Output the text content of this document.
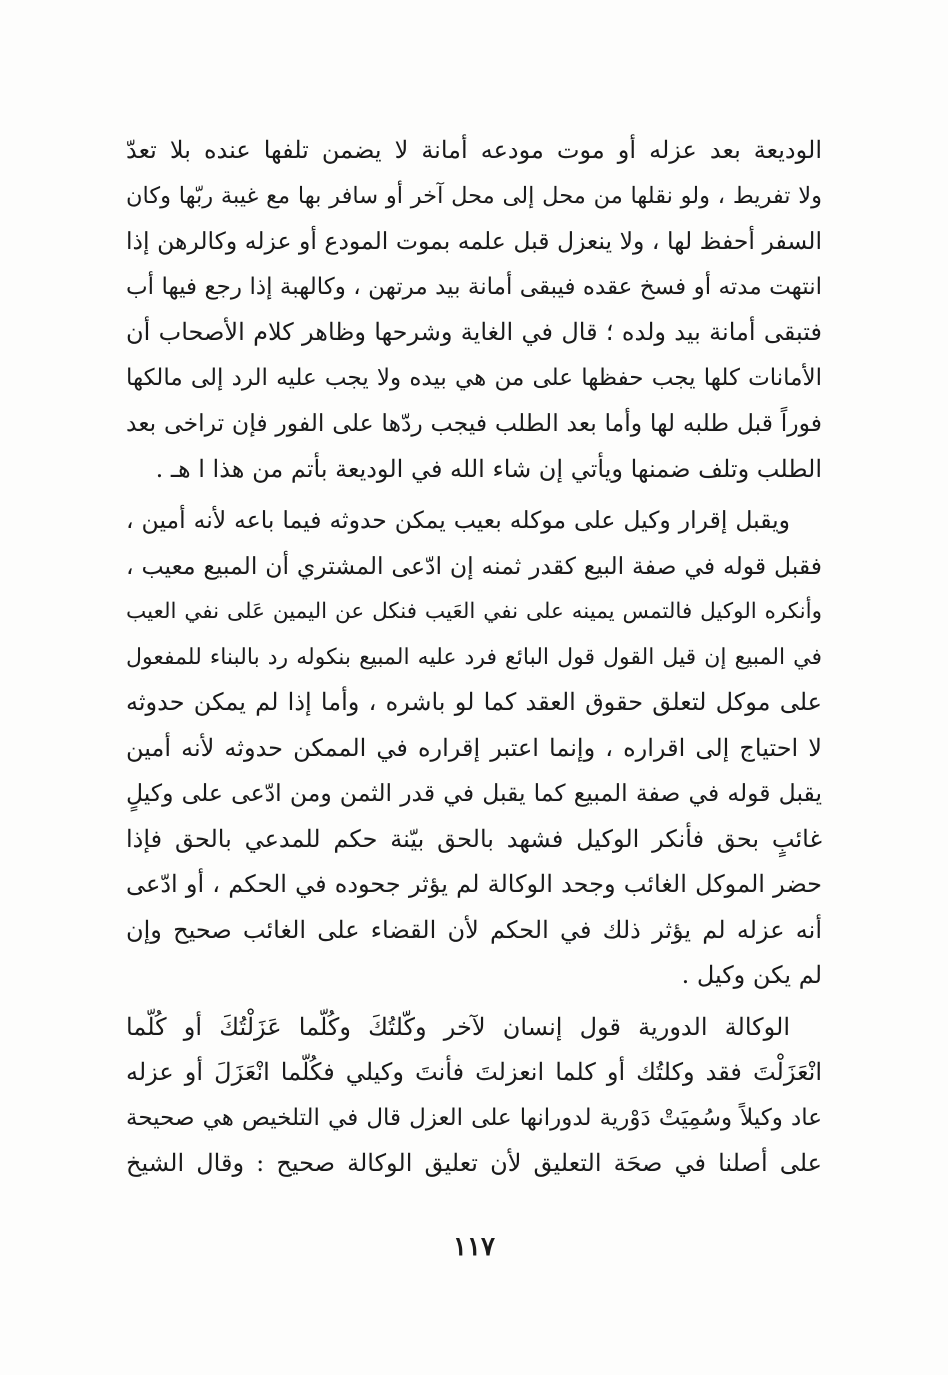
الوديعة بعد عزله أو موت مودعه أمانة لا يضمن تلفها عنده بلا تعدّ
ولا تفريط ، ولو نقلها من محل إلى محل آخر أو سافر بها مع غيبة ربّها وكان
السفر أحفظ لها ، ولا ينعزل قبل علمه بموت المودع أو عزله وكالرهن إذا
انتهت مدته أو فسخ عقده فيبقى أمانة بيد مرتهن ، وكالهبة إذا رجع فيها أب
فتبقى أمانة بيد ولده ؛ قال في الغاية وشرحها وظاهر كلام الأصحاب أن
الأمانات كلها يجب حفظها على من هي بيده ولا يجب عليه الرد إلى مالكها
فوراً قبل طلبه لها وأما بعد الطلب فيجب ردّها على الفور فإن تراخى بعد
الطلب وتلف ضمنها ويأتي إن شاء الله في الوديعة بأتم من هذا ا هـ .
ويقبل إقرار وكيل على موكله بعيب يمكن حدوثه فيما باعه لأنه أمين ،
فقبل قوله في صفة البيع كقدر ثمنه إن ادّعى المشتري أن المبيع معيب ،
وأنكره الوكيل فالتمس يمينه على نفي العَيب فنكل عن اليمين عَلى نفي العيب
في المبيع إن قيل القول قول البائع فرد عليه المبيع بنكوله رد بالبناء للمفعول
على موكل لتعلق حقوق العقد كما لو باشره ، وأما إذا لم يمكن حدوثه
لا احتياج إلى اقراره ، وإنما اعتبر إقراره في الممكن حدوثه لأنه أمين
يقبل قوله في صفة المبيع كما يقبل في قدر الثمن ومن ادّعى على وكيلٍ
غائبٍ بحق فأنكر الوكيل فشهد بالحق بيّنة حكم للمدعي بالحق فإذا
حضر الموكل الغائب وجحد الوكالة لم يؤثر جحوده في الحكم ، أو ادّعى
أنه عزله لم يؤثر ذلك في الحكم لأن القضاء على الغائب صحيح وإن
لم يكن وكيل .
الوكالة الدورية قول إنسان لآخر وكّلتُكَ وكُلّما عَزَلْتُكَ أو كُلّما
انْعَزَلْتَ فقد وكلتُك أو كلما انعزلتَ فأنتَ وكيلي فكُلّما انْعَزَلَ أو عزله
عاد وكيلاً وسُمِيَتْ دَوْرية لدورانها على العزل قال في التلخيص هي صحيحة
على أصلنا في صحَة التعليق لأن تعليق الوكالة صحيح : وقال الشيخ
١١٧
